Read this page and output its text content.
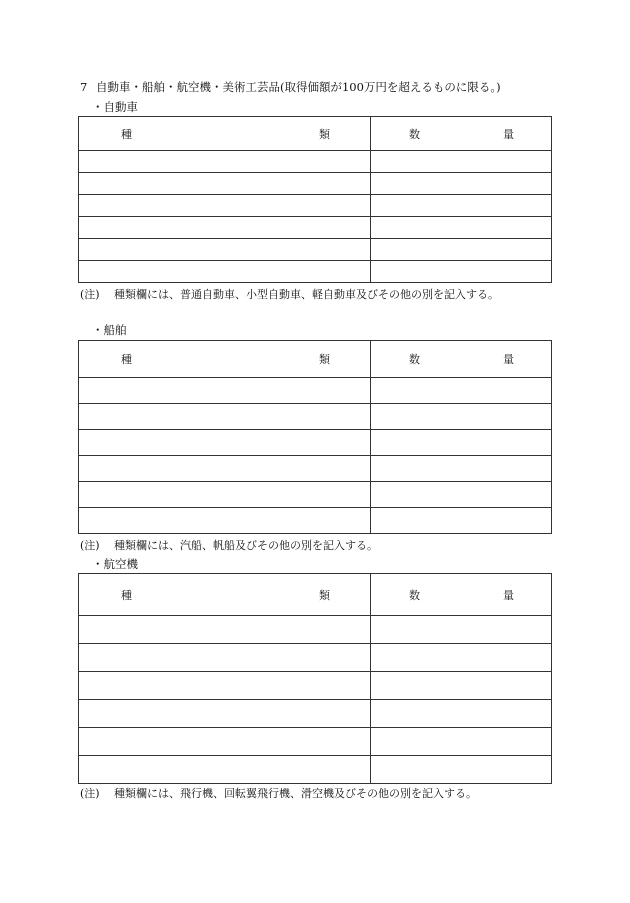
7 自動車・船舶・航空機・美術工芸品(取得価額が100万円を超えるものに限る。)
・自動車
種 類	数 量

(注) 種類欄には、普通自動車、小型自動車、軽自動車及びその他の別を記入する。
・船舶
種 類	数 量

(注) 種類欄には、汽船、帆船及びその他の別を記入する。
・航空機
種 類	数 量

(注) 種類欄には、飛行機、回転翼飛行機、滑空機及びその他の別を記入する。
